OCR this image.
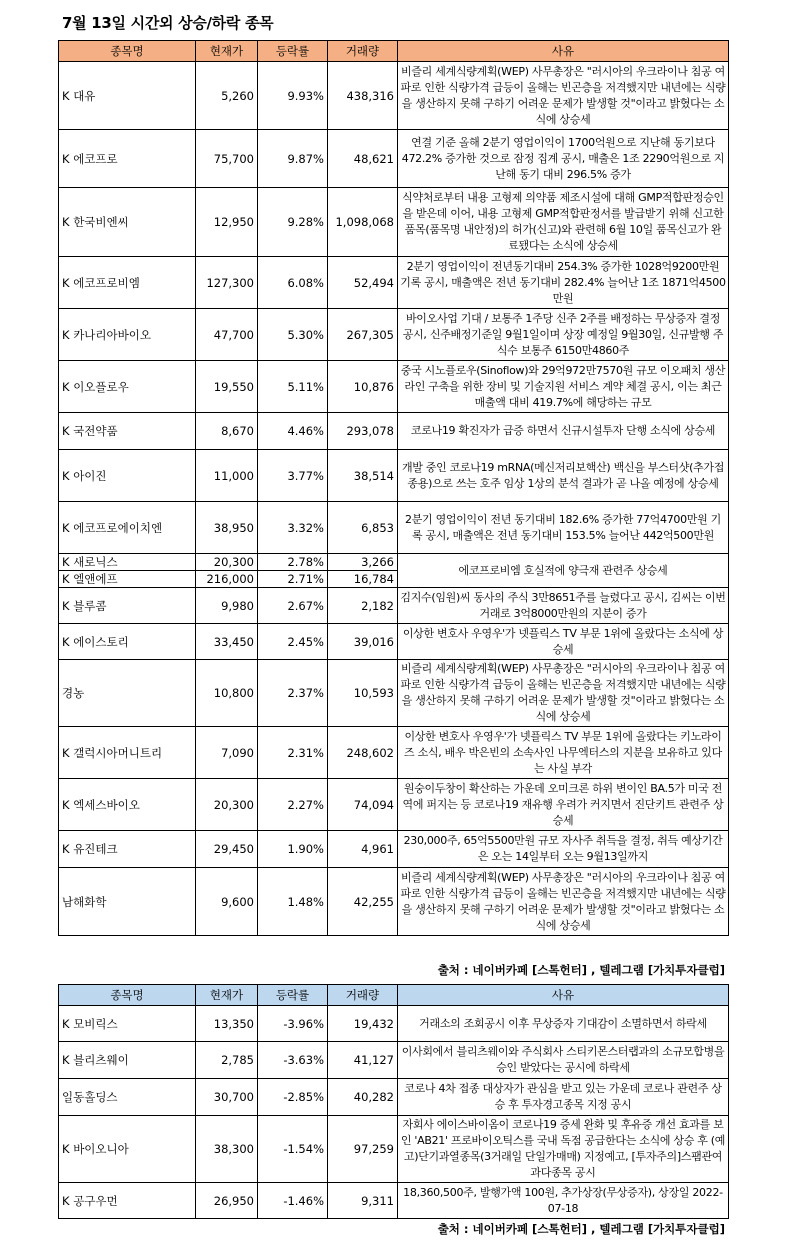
7월 13일 시간외 상승/하락 종목
종목명	현재가	등락률	거래량	사유
K 대유	5,260	9.93%	438,316	비즐리 세계식량계획(WEP) 사무총장은 "러시아의 우크라이나 침공 여파로 인한 식량가격 급등이 올해는 빈곤층을 저격했지만 내년에는 식량을 생산하지 못해 구하기 어려운 문제가 발생할 것"이라고 밝혔다는 소식에 상승세
K 에코프로	75,700	9.87%	48,621	연결 기준 올해 2분기 영업이익이 1700억원으로 지난해 동기보다 472.2% 증가한 것으로 잠정 집계 공시, 매출은 1조 2290억원으로 지난해 동기 대비 296.5% 증가
K 한국비엔씨	12,950	9.28%	1,098,068	식약처로부터 내용 고형제 의약품 제조시설에 대해 GMP적합판정승인을 받은데 이어, 내용 고형제 GMP적합판정서를 발급받기 위해 신고한 품목(품목명 내안정)의 허가(신고)와 관련해 6월 10일 품목신고가 완료됐다는 소식에 상승세
K 에코프로비엠	127,300	6.08%	52,494	2분기 영업이익이 전년동기대비 254.3% 증가한 1028억9200만원 기록 공시, 매출액은 전년 동기대비 282.4% 늘어난 1조 1871억4500만원
K 카나리아바이오	47,700	5.30%	267,305	바이오사업 기대 / 보통주 1주당 신주 2주를 배정하는 무상증자 결정 공시, 신주배정기준일 9월1일이며 상장 예정일 9월30일, 신규발행 주식수 보통주 6150만4860주
K 이오플로우	19,550	5.11%	10,876	중국 시노플로우(Sinoflow)와 29억972만7570원 규모 이오패치 생산라인 구축을 위한 장비 및 기술지원 서비스 계약 체결 공시, 이는 최근 매출액 대비 419.7%에 해당하는 규모
K 국전약품	8,670	4.46%	293,078	코로나19 확진자가 급증 하면서 신규시설투자 단행 소식에 상승세
K 아이진	11,000	3.77%	38,514	개발 중인 코로나19 mRNA(메신저리보핵산) 백신을 부스터샷(추가접종용)으로 쓰는 호주 임상 1상의 분석 결과가 곧 나올 예정에 상승세
K 에코프로에이치엔	38,950	3.32%	6,853	2분기 영업이익이 전년 동기대비 182.6% 증가한 77억4700만원 기록 공시, 매출액은 전년 동기대비 153.5% 늘어난 442억500만원
K 새로닉스	20,300	2.78%	3,266	에코프로비엠 호실적에 양극재 관련주 상승세
K 엘앤에프	216,000	2.71%	16,784	
K 블루콤	9,980	2.67%	2,182	김지수(임원)씨 동사의 주식 3만8651주를 늘렸다고 공시, 김씨는 이번 거래로 3억8000만원의 지분이 증가
K 에이스토리	33,450	2.45%	39,016	이상한 변호사 우영우'가 넷플릭스 TV 부문 1위에 올랐다는 소식에 상승세
경농	10,800	2.37%	10,593	비즐리 세계식량계획(WEP) 사무총장은 "러시아의 우크라이나 침공 여파로 인한 식량가격 급등이 올해는 빈곤층을 저격했지만 내년에는 식량을 생산하지 못해 구하기 어려운 문제가 발생할 것"이라고 밝혔다는 소식에 상승세
K 갤럭시아머니트리	7,090	2.31%	248,602	이상한 변호사 우영우'가 넷플릭스 TV 부문 1위에 올랐다는 키노라이즈 소식, 배우 박은빈의 소속사인 나무엑터스의 지분을 보유하고 있다는 사실 부각
K 엑세스바이오	20,300	2.27%	74,094	원숭이두창이 확산하는 가운데 오미크론 하위 변이인 BA.5가 미국 전역에 퍼지는 등 코로나19 재유행 우려가 커지면서 진단키트 관련주 상승세
K 유진테크	29,450	1.90%	4,961	230,000주, 65억5500만원 규모 자사주 취득을 결정, 취득 예상기간은 오는 14일부터 오는 9월13일까지
남해화학	9,600	1.48%	42,255	비즐리 세계식량계획(WEP) 사무총장은 "러시아의 우크라이나 침공 여파로 인한 식량가격 급등이 올해는 빈곤층을 저격했지만 내년에는 식량을 생산하지 못해 구하기 어려운 문제가 발생할 것"이라고 밝혔다는 소식에 상승세
출처 : 네이버카페 [스톡헌터] , 텔레그램 [가치투자클럽]
종목명	현재가	등락률	거래량	사유
K 모비릭스	13,350	-3.96%	19,432	거래소의 조회공시 이후 무상증자 기대감이 소멸하면서 하락세
K 블리츠웨이	2,785	-3.63%	41,127	이사회에서 블리츠웨이와 주식회사 스티키몬스터랩과의 소규모합병을 승인 받았다는 공시에 하락세
일동홀딩스	30,700	-2.85%	40,282	코로나 4차 접종 대상자가 관심을 받고 있는 가운데 코로나 관련주 상승 후 투자경고종목 지정 공시
K 바이오니아	38,300	-1.54%	97,259	자회사 에이스바이옴이 코로나19 증세 완화 및 후유증 개선 효과를 보인 'AB21' 프로바이오틱스를 국내 독점 공급한다는 소식에 상승 후 (예고)단기과열종목(3거래일 단일가매매) 지정예고, [투자주의]스팸관여과다종목 공시
K 공구우먼	26,950	-1.46%	9,311	18,360,500주, 발행가액 100원, 추가상장(무상증자), 상장일 2022-07-18
출처 : 네이버카페 [스톡헌터] , 텔레그램 [가치투자클럽]
